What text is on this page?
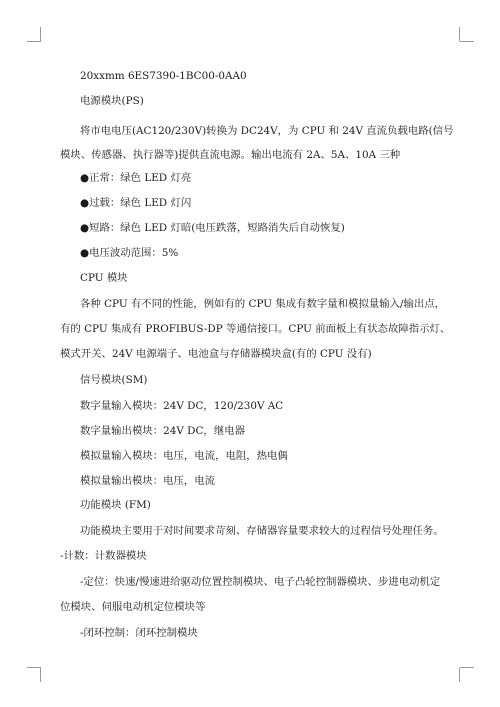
20xxmm 6ES7390-1BC00-0AA0
电源模块(PS)
将市电电压(AC120/230V)转换为 DC24V，为 CPU 和 24V 直流负载电路(信号
模块、传感器、执行器等)提供直流电源。输出电流有 2A、5A、10A 三种
●正常：绿色 LED 灯亮
●过载：绿色 LED 灯闪
●短路：绿色 LED 灯暗(电压跌落，短路消失后自动恢复)
●电压波动范围：5%
CPU 模块
各种 CPU 有不同的性能，例如有的 CPU 集成有数字量和模拟量输入/输出点，
有的 CPU 集成有 PROFIBUS-DP 等通信接口。CPU 前面板上有状态故障指示灯、
模式开关、24V 电源端子、电池盒与存储器模块盒(有的 CPU 没有)
信号模块(SM)
数字量输入模块：24V DC，120/230V AC
数字量输出模块：24V DC，继电器
模拟量输入模块：电压，电流，电阻，热电偶
模拟量输出模块：电压，电流
功能模块 (FM)
功能模块主要用于对时间要求苛刻、存储器容量要求较大的过程信号处理任务。
-计数：计数器模块
-定位：快速/慢速进给驱动位置控制模块、电子凸轮控制器模块、步进电动机定
位模块、伺服电动机定位模块等
-闭环控制：闭环控制模块
